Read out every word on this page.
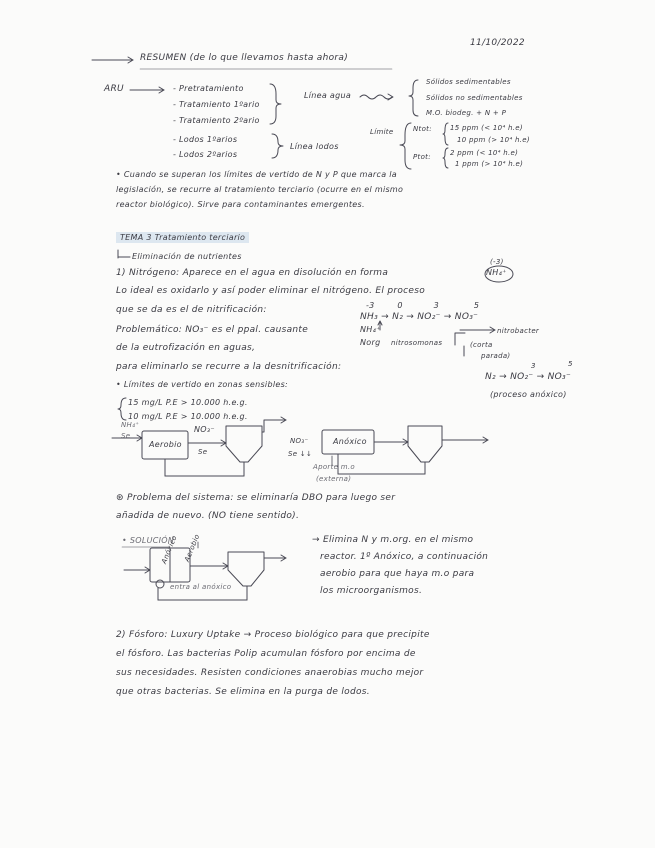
11/10/2022
RESUMEN (de lo que llevamos hasta ahora)
ARU	- Pretratamiento
- Tratamiento 1ºario
- Tratamiento 2ºario
- Lodos 1ºarios
- Lodos 2ºarios
Línea agua
Línea lodos
Sólidos sedimentables
Sólidos no sedimentables
M.O. biodeg. + N + P
Límite	Ntot:	15 ppm (< 10⁴ h.e)
10 ppm (> 10⁴ h.e)
Ptot:	2 ppm (< 10⁴ h.e)
1 ppm (> 10⁴ h.e)
• Cuando se superan los límites de vertido de N y P que marca la
legislación, se recurre al tratamiento terciario (ocurre en el mismo
reactor biológico). Sirve para contaminantes emergentes.
TEMA 3 Tratamiento terciario
Eliminación de nutrientes
1) Nitrógeno: Aparece en el agua en disolución en forma
(-3)
NH₄⁺
Lo ideal es oxidarlo y así poder eliminar el nitrógeno. El proceso
que se da es el de nitrificación:	-3	0	3	5
NH₃ → N₂ → NO₂⁻ → NO₃⁻
NH₄⁺
Norg nitrosomonas
nitrobacter
(corta
parada)
Problemático: NO₃⁻ es el ppal. causante
de la eutrofización en aguas,
para eliminarlo se recurre a la desnitrificación:	3	5
N₂ → NO₂⁻ → NO₃⁻
(proceso anóxico)
• Límites de vertido en zonas sensibles:
15 mg/L P.E > 10.000 h.e.g.
10 mg/L P.E > 10.000 h.e.g.
NH₄⁺
Se
Aerobio
NO₃⁻
Se
NO₃⁻
Se ↓↓
Anóxico
Aporte m.o
(externa)
⊛ Problema del sistema: se eliminaría DBO para luego ser
añadida de nuevo. (NO tiene sentido).
• SOLUCIÓN
Anóxico Aerobio
entra al anóxico
→ Elimina N y m.org. en el mismo
reactor. 1º Anóxico, a continuación
aerobio para que haya m.o para
los microorganismos.
2) Fósforo: Luxury Uptake → Proceso biológico para que precipite
el fósforo. Las bacterias Polip acumulan fósforo por encima de
sus necesidades. Resisten condiciones anaerobias mucho mejor
que otras bacterias. Se elimina en la purga de lodos.
